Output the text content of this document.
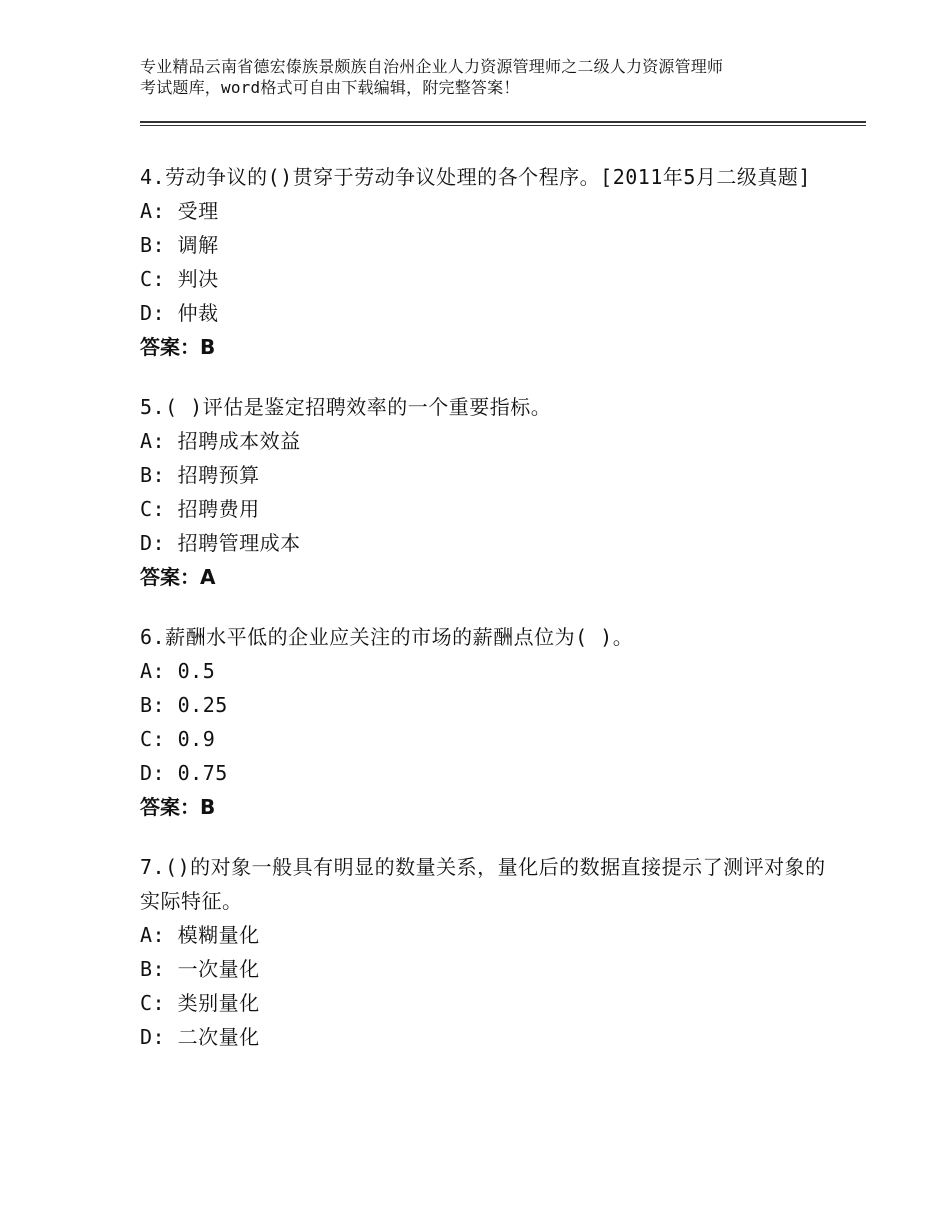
专业精品云南省德宏傣族景颇族自治州企业人力资源管理师之二级人力资源管理师
考试题库，word格式可自由下载编辑，附完整答案！
4.劳动争议的()贯穿于劳动争议处理的各个程序。[2011年5月二级真题]
A: 受理
B: 调解
C: 判决
D: 仲裁
答案：B
5.( )评估是鉴定招聘效率的一个重要指标。
A: 招聘成本效益
B: 招聘预算
C: 招聘费用
D: 招聘管理成本
答案：A
6.薪酬水平低的企业应关注的市场的薪酬点位为( )。
A: 0.5
B: 0.25
C: 0.9
D: 0.75
答案：B
7.()的对象一般具有明显的数量关系，量化后的数据直接提示了测评对象的实际特征。
A: 模糊量化
B: 一次量化
C: 类别量化
D: 二次量化
